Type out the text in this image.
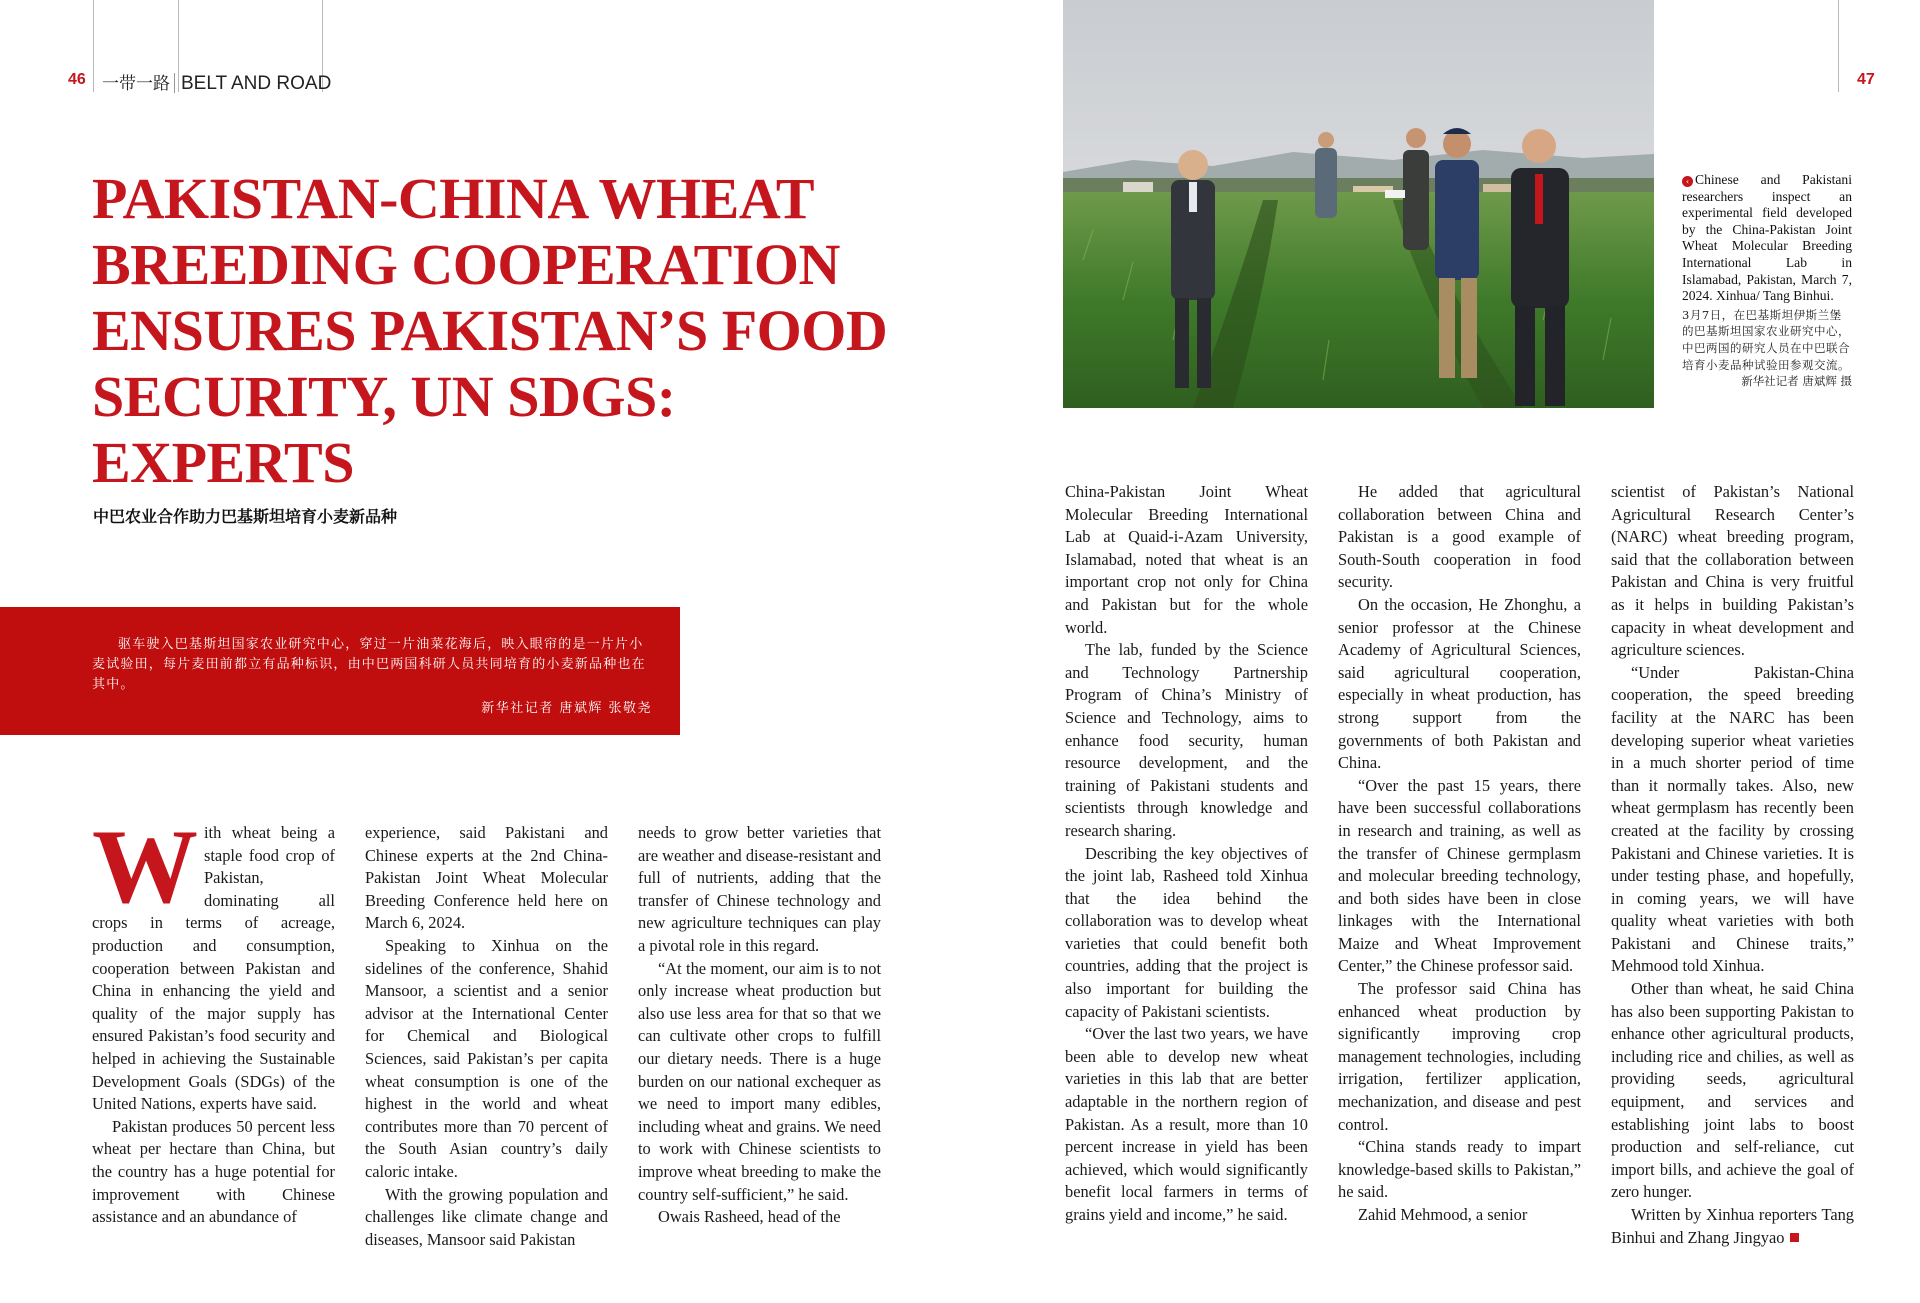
46 一带一路 BELT AND ROAD	47
PAKISTAN-CHINA WHEAT BREEDING COOPERATION ENSURES PAKISTAN’S FOOD SECURITY, UN SDGS: EXPERTS
中巴农业合作助力巴基斯坦培育小麦新品种
驱车驶入巴基斯坦国家农业研究中心，穿过一片油菜花海后，映入眼帘的是一片片小麦试验田，每片麦田前都立有品种标识，由中巴两国科研人员共同培育的小麦新品种也在其中。
新华社记者 唐斌辉 张敬尧
‹ Chinese and Pakistani researchers inspect an experimental field developed by the China-Pakistan Joint Wheat Molecular Breeding International Lab in Islamabad, Pakistan, March 7, 2024. Xinhua/ Tang Binhui.
3月7日，在巴基斯坦伊斯兰堡的巴基斯坦国家农业研究中心，中巴两国的研究人员在中巴联合培育小麦品种试验田参观交流。
新华社记者 唐斌辉 摄

With wheat being a staple food crop of Pakistan, dominating all crops in terms of acreage, production and consumption, cooperation between Pakistan and China in enhancing the yield and quality of the major supply has ensured Pakistan’s food security and helped in achieving the Sustainable Development Goals (SDGs) of the United Nations, experts have said.

Pakistan produces 50 percent less wheat per hectare than China, but the country has a huge potential for improvement with Chinese assistance and an abundance of

experience, said Pakistani and Chinese experts at the 2nd China-Pakistan Joint Wheat Molecular Breeding Conference held here on March 6, 2024.

Speaking to Xinhua on the sidelines of the conference, Shahid Mansoor, a scientist and a senior advisor at the International Center for Chemical and Biological Sciences, said Pakistan’s per capita wheat consumption is one of the highest in the world and wheat contributes more than 70 percent of the South Asian country’s daily caloric intake.

With the growing population and challenges like climate change and diseases, Mansoor said Pakistan

needs to grow better varieties that are weather and disease-resistant and full of nutrients, adding that the transfer of Chinese technology and new agriculture techniques can play a pivotal role in this regard.

“At the moment, our aim is to not only increase wheat production but also use less area for that so that we can cultivate other crops to fulfill our dietary needs. There is a huge burden on our national exchequer as we need to import many edibles, including wheat and grains. We need to work with Chinese scientists to improve wheat breeding to make the country self-sufficient,” he said.

Owais Rasheed, head of the

China-Pakistan Joint Wheat Molecular Breeding International Lab at Quaid-i-Azam University, Islamabad, noted that wheat is an important crop not only for China and Pakistan but for the whole world.

The lab, funded by the Science and Technology Partnership Program of China’s Ministry of Science and Technology, aims to enhance food security, human resource development, and the training of Pakistani students and scientists through knowledge and research sharing.

Describing the key objectives of the joint lab, Rasheed told Xinhua that the idea behind the collaboration was to develop wheat varieties that could benefit both countries, adding that the project is also important for building the capacity of Pakistani scientists.

“Over the last two years, we have been able to develop new wheat varieties in this lab that are better adaptable in the northern region of Pakistan. As a result, more than 10 percent increase in yield has been achieved, which would significantly benefit local farmers in terms of grains yield and income,” he said.

He added that agricultural collaboration between China and Pakistan is a good example of South-South cooperation in food security.

On the occasion, He Zhonghu, a senior professor at the Chinese Academy of Agricultural Sciences, said agricultural cooperation, especially in wheat production, has strong support from the governments of both Pakistan and China.

“Over the past 15 years, there have been successful collaborations in research and training, as well as the transfer of Chinese germplasm and molecular breeding technology, and both sides have been in close linkages with the International Maize and Wheat Improvement Center,” the Chinese professor said.

The professor said China has enhanced wheat production by significantly improving crop management technologies, including irrigation, fertilizer application, mechanization, and disease and pest control.

“China stands ready to impart knowledge-based skills to Pakistan,” he said.

Zahid Mehmood, a senior

scientist of Pakistan’s National Agricultural Research Center’s (NARC) wheat breeding program, said that the collaboration between Pakistan and China is very fruitful as it helps in building Pakistan’s capacity in wheat development and agriculture sciences.

“Under Pakistan-China cooperation, the speed breeding facility at the NARC has been developing superior wheat varieties in a much shorter period of time than it normally takes. Also, new wheat germplasm has recently been created at the facility by crossing Pakistani and Chinese varieties. It is under testing phase, and hopefully, in coming years, we will have quality wheat varieties with both Pakistani and Chinese traits,” Mehmood told Xinhua.

Other than wheat, he said China has also been supporting Pakistan to enhance other agricultural products, including rice and chilies, as well as providing seeds, agricultural equipment, and services and establishing joint labs to boost production and self-reliance, cut import bills, and achieve the goal of zero hunger.

Written by Xinhua reporters Tang Binhui and Zhang Jingyao
